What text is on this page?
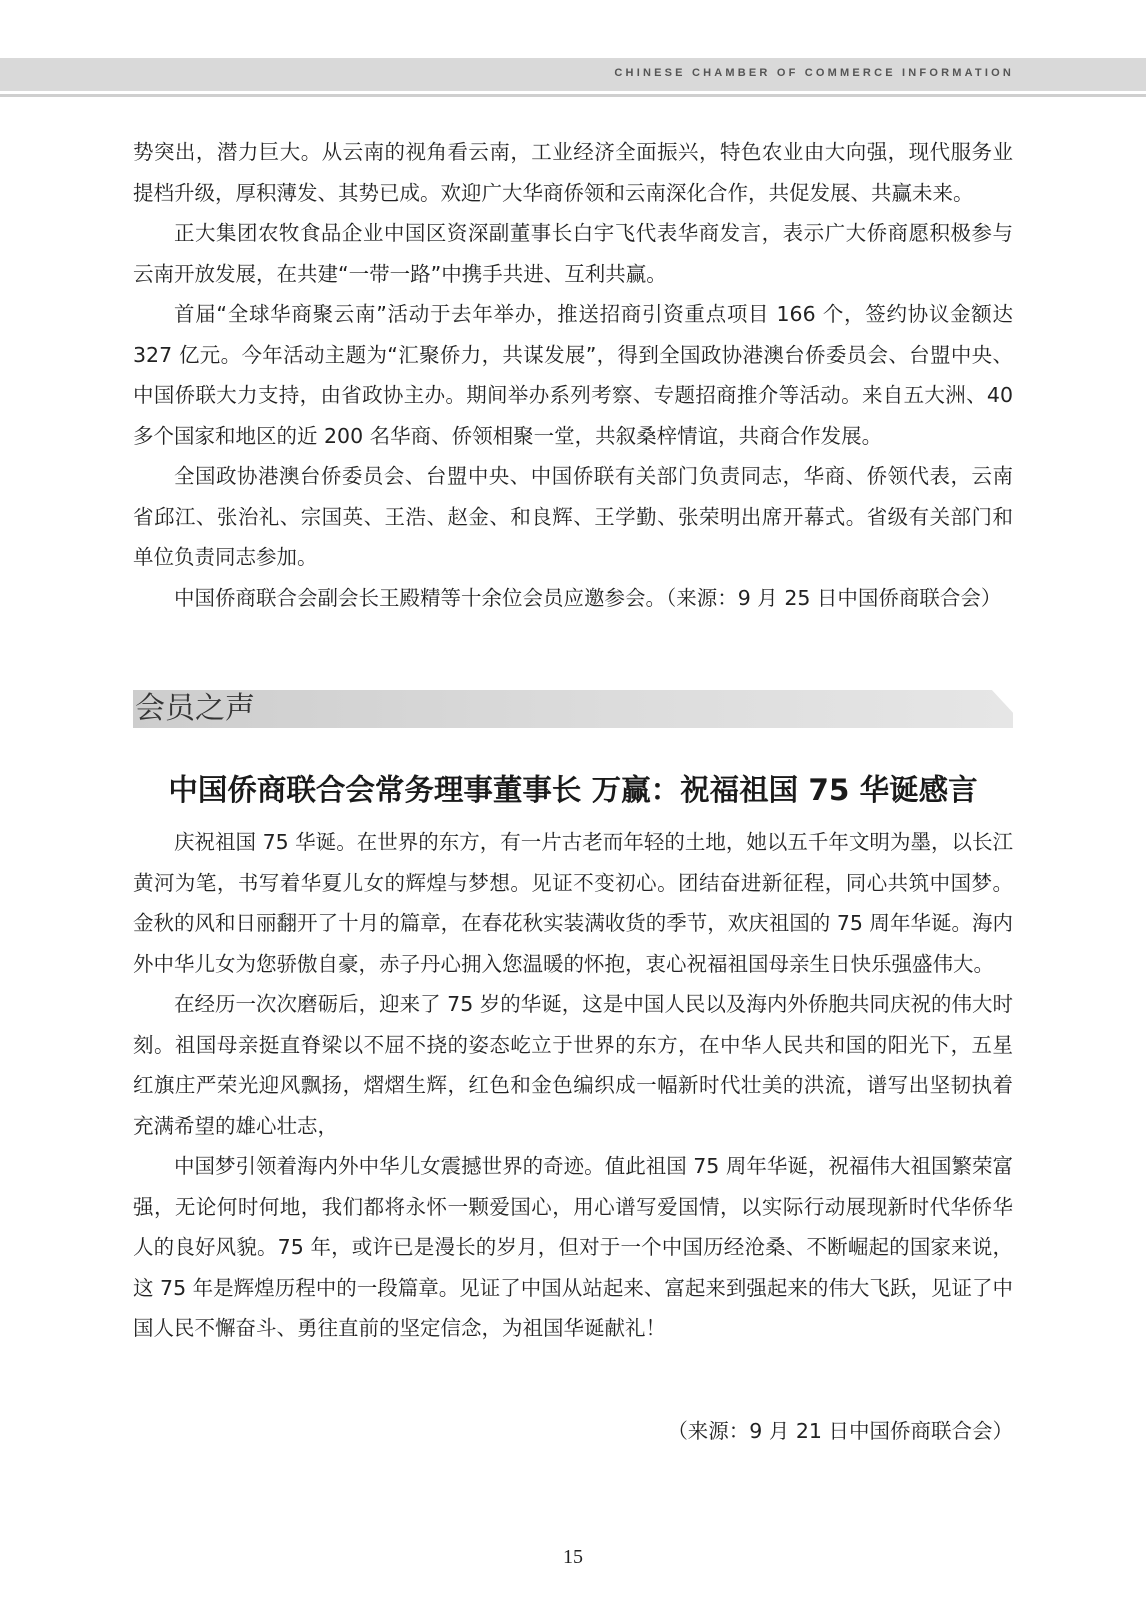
CHINESE CHAMBER OF COMMERCE INFORMATION

势突出，潜力巨大。从云南的视角看云南，工业经济全面振兴，特色农业由大向强，现代服务业提档升级，厚积薄发、其势已成。欢迎广大华商侨领和云南深化合作，共促发展、共赢未来。

正大集团农牧食品企业中国区资深副董事长白宇飞代表华商发言，表示广大侨商愿积极参与云南开放发展，在共建“一带一路”中携手共进、互利共赢。

首届“全球华商聚云南”活动于去年举办，推送招商引资重点项目 166 个，签约协议金额达 327 亿元。今年活动主题为“汇聚侨力，共谋发展”，得到全国政协港澳台侨委员会、台盟中央、中国侨联大力支持，由省政协主办。期间举办系列考察、专题招商推介等活动。来自五大洲、40 多个国家和地区的近 200 名华商、侨领相聚一堂，共叙桑梓情谊，共商合作发展。

全国政协港澳台侨委员会、台盟中央、中国侨联有关部门负责同志，华商、侨领代表，云南省邱江、张治礼、宗国英、王浩、赵金、和良辉、王学勤、张荣明出席开幕式。省级有关部门和单位负责同志参加。

中国侨商联合会副会长王殿精等十余位会员应邀参会。（来源：9 月 25 日中国侨商联合会）

会员之声
中国侨商联合会常务理事董事长 万赢：祝福祖国 75 华诞感言

庆祝祖国 75 华诞。在世界的东方，有一片古老而年轻的土地，她以五千年文明为墨，以长江黄河为笔，书写着华夏儿女的辉煌与梦想。见证不变初心。团结奋进新征程，同心共筑中国梦。金秋的风和日丽翻开了十月的篇章，在春花秋实装满收货的季节，欢庆祖国的 75 周年华诞。海内外中华儿女为您骄傲自豪，赤子丹心拥入您温暖的怀抱，衷心祝福祖国母亲生日快乐强盛伟大。

在经历一次次磨砺后，迎来了 75 岁的华诞，这是中国人民以及海内外侨胞共同庆祝的伟大时刻。祖国母亲挺直脊梁以不屈不挠的姿态屹立于世界的东方，在中华人民共和国的阳光下，五星红旗庄严荣光迎风飘扬，熠熠生辉，红色和金色编织成一幅新时代壮美的洪流，谱写出坚韧执着充满希望的雄心壮志，

中国梦引领着海内外中华儿女震撼世界的奇迹。值此祖国 75 周年华诞，祝福伟大祖国繁荣富强，无论何时何地，我们都将永怀一颗爱国心，用心谱写爱国情，以实际行动展现新时代华侨华人的良好风貌。75 年，或许已是漫长的岁月，但对于一个中国历经沧桑、不断崛起的国家来说，这 75 年是辉煌历程中的一段篇章。见证了中国从站起来、富起来到强起来的伟大飞跃，见证了中国人民不懈奋斗、勇往直前的坚定信念，为祖国华诞献礼！

（来源：9 月 21 日中国侨商联合会）
15
